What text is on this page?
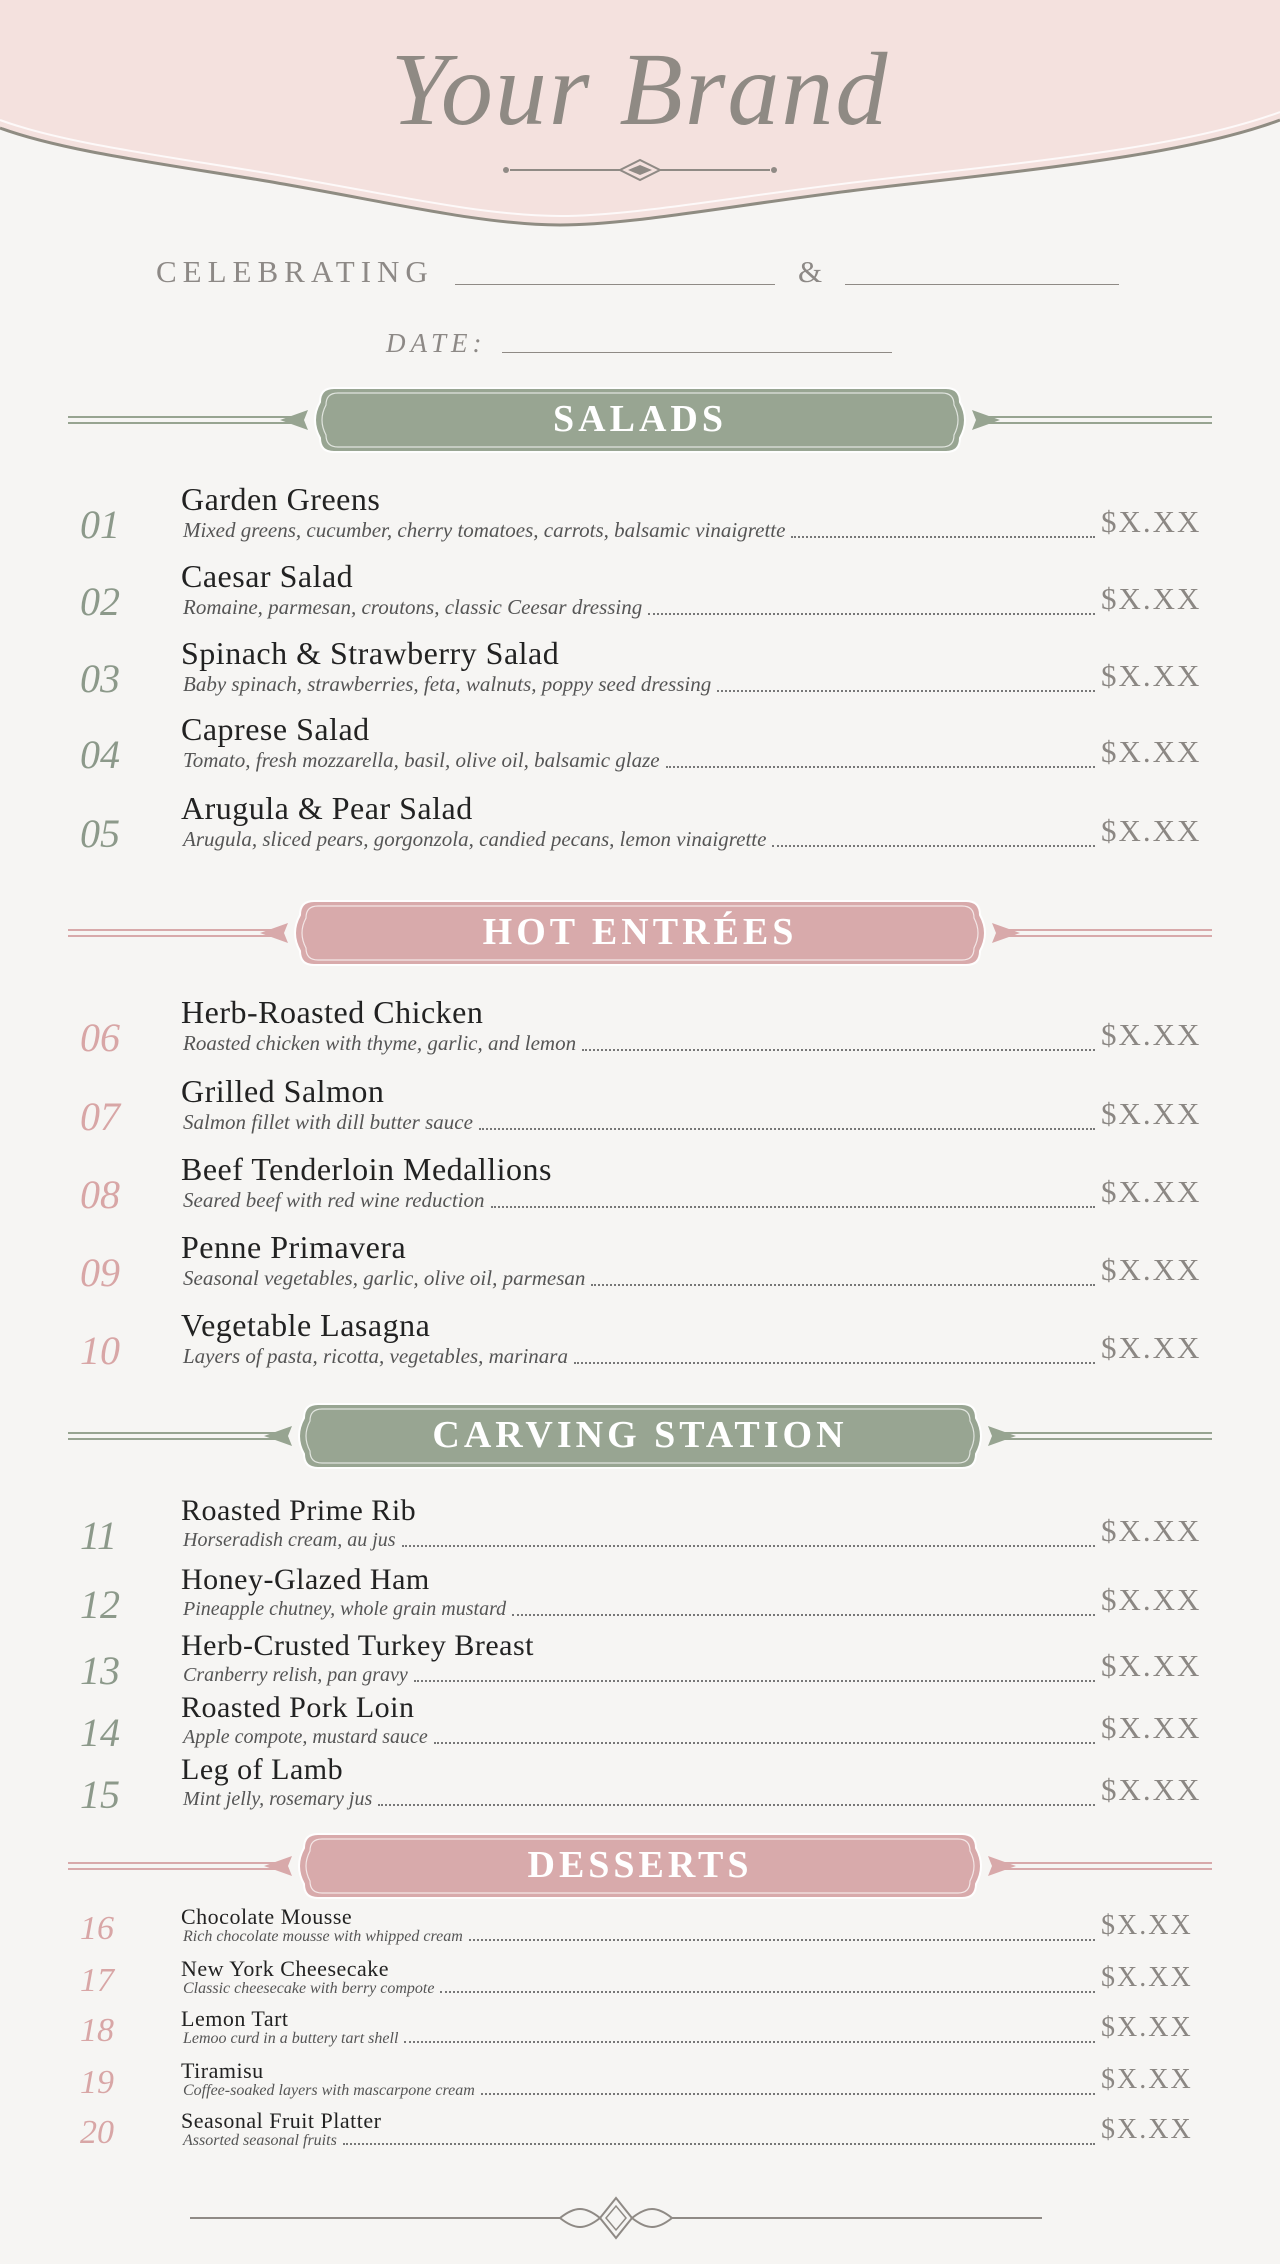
Your Brand
CELEBRATING	&
DATE:
SALADS
01
Garden Greens
Mixed greens, cucumber, cherry tomatoes, carrots, balsamic vinaigrette	$X.XX
02
Caesar Salad
Romaine, parmesan, croutons, classic Ceesar dressing	$X.XX
03
Spinach & Strawberry Salad
Baby spinach, strawberries, feta, walnuts, poppy seed dressing	$X.XX
04
Caprese Salad
Tomato, fresh mozzarella, basil, olive oil, balsamic glaze	$X.XX
05
Arugula & Pear Salad
Arugula, sliced pears, gorgonzola, candied pecans, lemon vinaigrette	$X.XX
HOT ENTRÉES
06
Herb-Roasted Chicken
Roasted chicken with thyme, garlic, and lemon	$X.XX
07
Grilled Salmon
Salmon fillet with dill butter sauce	$X.XX
08
Beef Tenderloin Medallions
Seared beef with red wine reduction	$X.XX
09
Penne Primavera
Seasonal vegetables, garlic, olive oil, parmesan	$X.XX
10
Vegetable Lasagna
Layers of pasta, ricotta, vegetables, marinara	$X.XX
CARVING STATION
11
Roasted Prime Rib
Horseradish cream, au jus	$X.XX
12
Honey-Glazed Ham
Pineapple chutney, whole grain mustard	$X.XX
13
Herb-Crusted Turkey Breast
Cranberry relish, pan gravy	$X.XX
14
Roasted Pork Loin
Apple compote, mustard sauce	$X.XX
15
Leg of Lamb
Mint jelly, rosemary jus	$X.XX
DESSERTS
16	Chocolate Mousse
Rich chocolate mousse with whipped cream	$X.XX
17	New York Cheesecake
Classic cheesecake with berry compote	$X.XX
18	Lemon Tart
Lemoo curd in a buttery tart shell	$X.XX
19	Tiramisu
Coffee-soaked layers with mascarpone cream	$X.XX
20	Seasonal Fruit Platter
Assorted seasonal fruits	$X.XX
